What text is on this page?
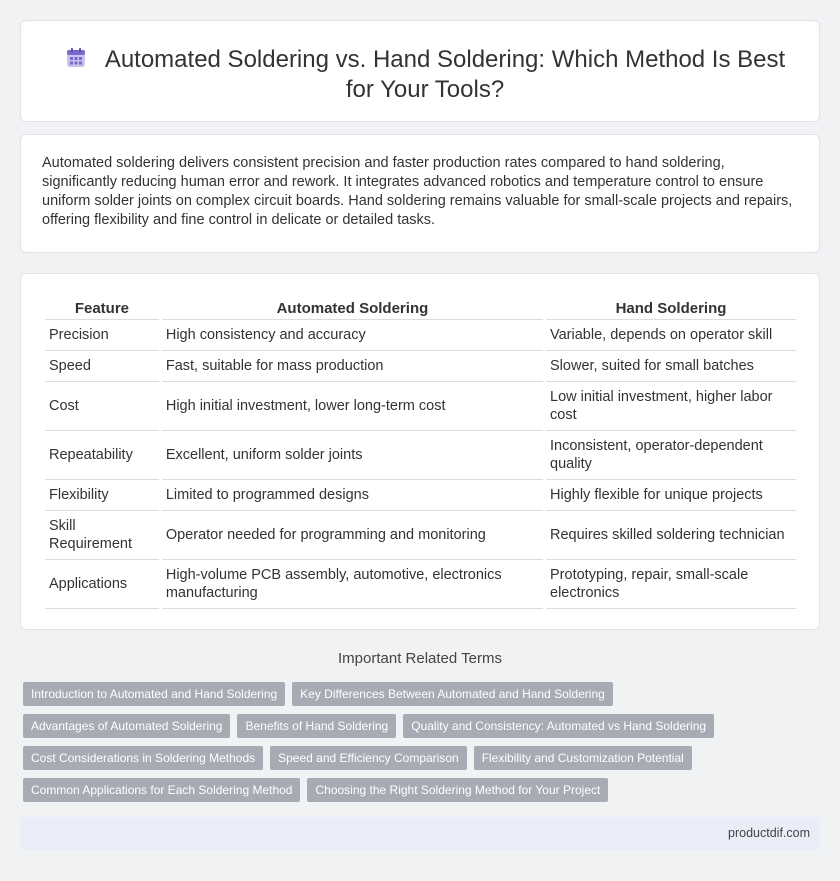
Automated Soldering vs. Hand Soldering: Which Method Is Best for Your Tools?

Automated soldering delivers consistent precision and faster production rates compared to hand soldering, significantly reducing human error and rework. It integrates advanced robotics and temperature control to ensure uniform solder joints on complex circuit boards. Hand soldering remains valuable for small-scale projects and repairs, offering flexibility and fine control in delicate or detailed tasks.

Feature	Automated Soldering	Hand Soldering
Precision	High consistency and accuracy	Variable, depends on operator skill
Speed	Fast, suitable for mass production	Slower, suited for small batches
Cost	High initial investment, lower long-term cost	Low initial investment, higher labor cost
Repeatability	Excellent, uniform solder joints	Inconsistent, operator-dependent quality
Flexibility	Limited to programmed designs	Highly flexible for unique projects
Skill Requirement	Operator needed for programming and monitoring	Requires skilled soldering technician
Applications	High-volume PCB assembly, automotive, electronics manufacturing	Prototyping, repair, small-scale electronics
Important Related Terms
Introduction to Automated and Hand Soldering	Key Differences Between Automated and Hand Soldering
Advantages of Automated Soldering	Benefits of Hand Soldering	Quality and Consistency: Automated vs Hand Soldering
Cost Considerations in Soldering Methods	Speed and Efficiency Comparison	Flexibility and Customization Potential
Common Applications for Each Soldering Method	Choosing the Right Soldering Method for Your Project
productdif.com
